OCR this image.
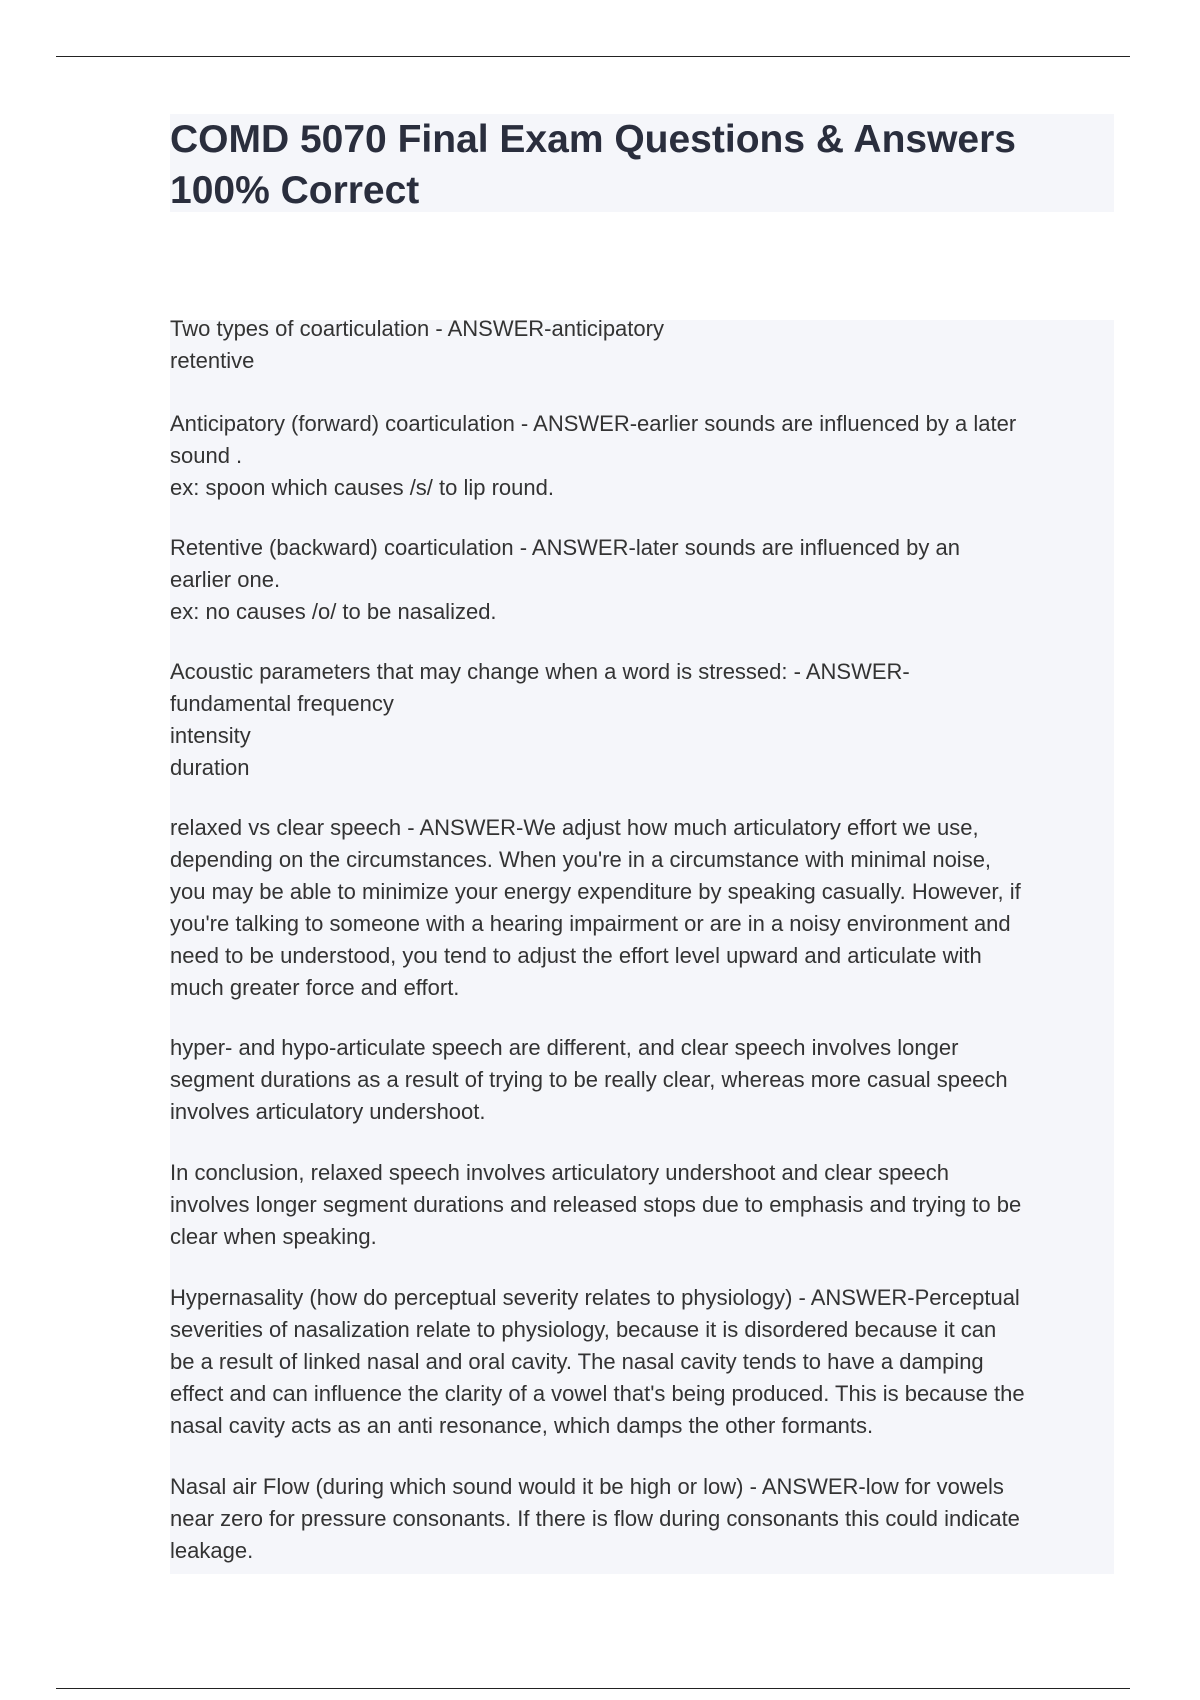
COMD 5070 Final Exam Questions & Answers
100% Correct

Two types of coarticulation - ANSWER-anticipatory
retentive

Anticipatory (forward) coarticulation - ANSWER-earlier sounds are influenced by a later
sound .
ex: spoon which causes /s/ to lip round.

Retentive (backward) coarticulation - ANSWER-later sounds are influenced by an
earlier one.
ex: no causes /o/ to be nasalized.

Acoustic parameters that may change when a word is stressed: - ANSWER-
fundamental frequency
intensity
duration

relaxed vs clear speech - ANSWER-We adjust how much articulatory effort we use,
depending on the circumstances. When you're in a circumstance with minimal noise,
you may be able to minimize your energy expenditure by speaking casually. However, if
you're talking to someone with a hearing impairment or are in a noisy environment and
need to be understood, you tend to adjust the effort level upward and articulate with
much greater force and effort.

hyper- and hypo-articulate speech are different, and clear speech involves longer
segment durations as a result of trying to be really clear, whereas more casual speech
involves articulatory undershoot.

In conclusion, relaxed speech involves articulatory undershoot and clear speech
involves longer segment durations and released stops due to emphasis and trying to be
clear when speaking.

Hypernasality (how do perceptual severity relates to physiology) - ANSWER-Perceptual
severities of nasalization relate to physiology, because it is disordered because it can
be a result of linked nasal and oral cavity. The nasal cavity tends to have a damping
effect and can influence the clarity of a vowel that's being produced. This is because the
nasal cavity acts as an anti resonance, which damps the other formants.

Nasal air Flow (during which sound would it be high or low) - ANSWER-low for vowels
near zero for pressure consonants. If there is flow during consonants this could indicate
leakage.
